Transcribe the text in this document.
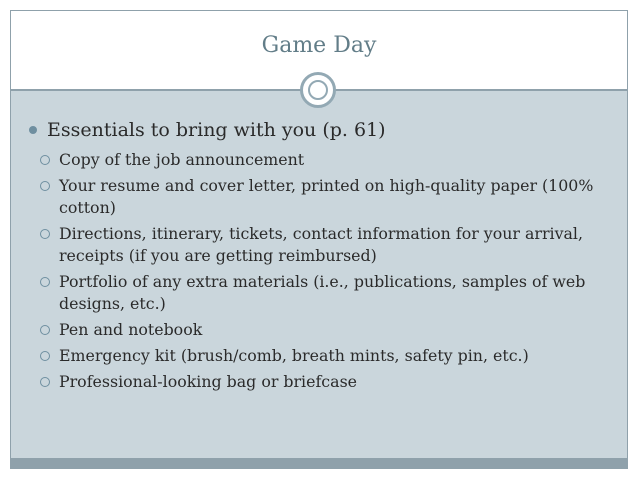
Game Day
Essentials to bring with you (p. 61)
Copy of the job announcement
Your resume and cover letter, printed on high-quality paper (100% cotton)
Directions, itinerary, tickets, contact information for your arrival, receipts (if you are getting reimbursed)
Portfolio of any extra materials (i.e., publications, samples of web designs, etc.)
Pen and notebook
Emergency kit (brush/comb, breath mints, safety pin, etc.)
Professional-looking bag or briefcase
